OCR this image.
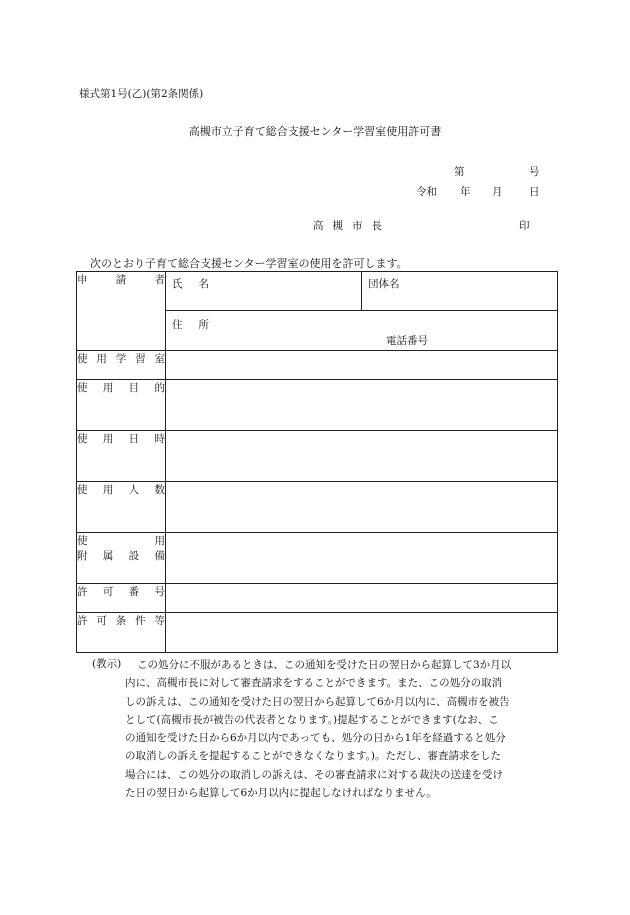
様式第1号(乙)(第2条関係)
高槻市立子育て総合支援センター学習室使用許可書
第	号
令和 年 月	日
高槻市長	印
次のとおり子育て総合支援センター学習室の使用を許可します。
申請者	氏名	団体名

	住所
電話番号	

使用学習室		

使用目的		

使用日時		

使用人数		

使用
附属設備		

許可番号		

許可条件等		

(教示) この処分に不服があるときは、この通知を受けた日の翌日から起算して3か月以

内に、高槻市長に対して審査請求をすることができます。また、この処分の取消

しの訴えは、この通知を受けた日の翌日から起算して6か月以内に、高槻市を被告

として(高槻市長が被告の代表者となります。)提起することができます(なお、こ

の通知を受けた日から6か月以内であっても、処分の日から1年を経過すると処分

の取消しの訴えを提起することができなくなります。)。ただし、審査請求をした

場合には、この処分の取消しの訴えは、その審査請求に対する裁決の送達を受け

た日の翌日から起算して6か月以内に提起しなければなりません。
